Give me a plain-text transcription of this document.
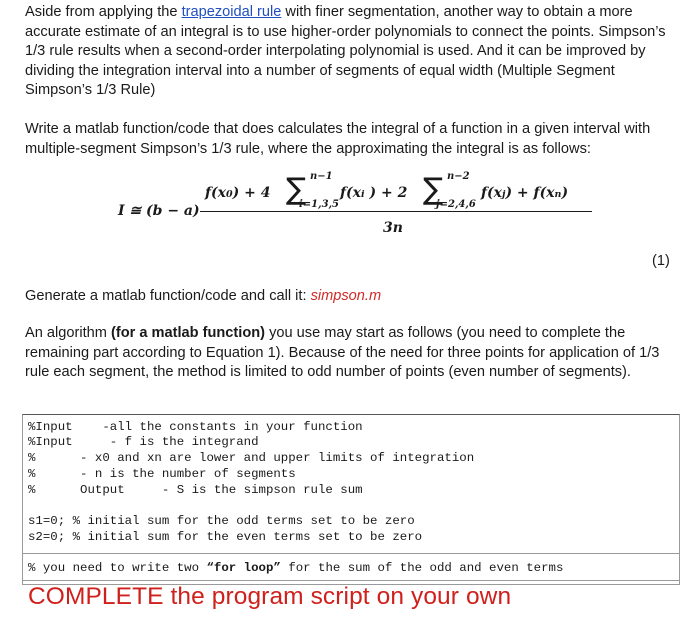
Aside from applying the trapezoidal rule with finer segmentation, another way to obtain a more accurate estimate of an integral is to use higher-order polynomials to connect the points. Simpson’s 1/3 rule results when a second-order interpolating polynomial is used. And it can be improved by dividing the integration interval into a number of segments of equal width (Multiple Segment Simpson’s 1/3 Rule)

Write a matlab function/code that does calculates the integral of a function in a given interval with multiple-segment Simpson’s 1/3 rule, where the approximating the integral is as follows:

I ≅ (b − a)
f(x0) + 4 ∑ n−1
i=1,3,5
f(xi ) + 2 ∑ n−2
j=2,4,6
f(xj) + f(xn)
3n
(1)

Generate a matlab function/code and call it: simpson.m

An algorithm (for a matlab function) you use may start as follows (you need to complete the remaining part according to Equation 1). Because of the need for three points for application of 1/3 rule each segment, the method is limited to odd number of points (even number of segments).

%Input    -all the constants in your function
%Input     - f is the integrand
%      - x0 and xn are lower and upper limits of integration
%      - n is the number of segments
%      Output     - S is the simpson rule sum
s1=0; % initial sum for the odd terms set to be zero
s2=0; % initial sum for the even terms set to be zero
% you need to write two “for loop” for the sum of the odd and even terms
COMPLETE the program script on your own
